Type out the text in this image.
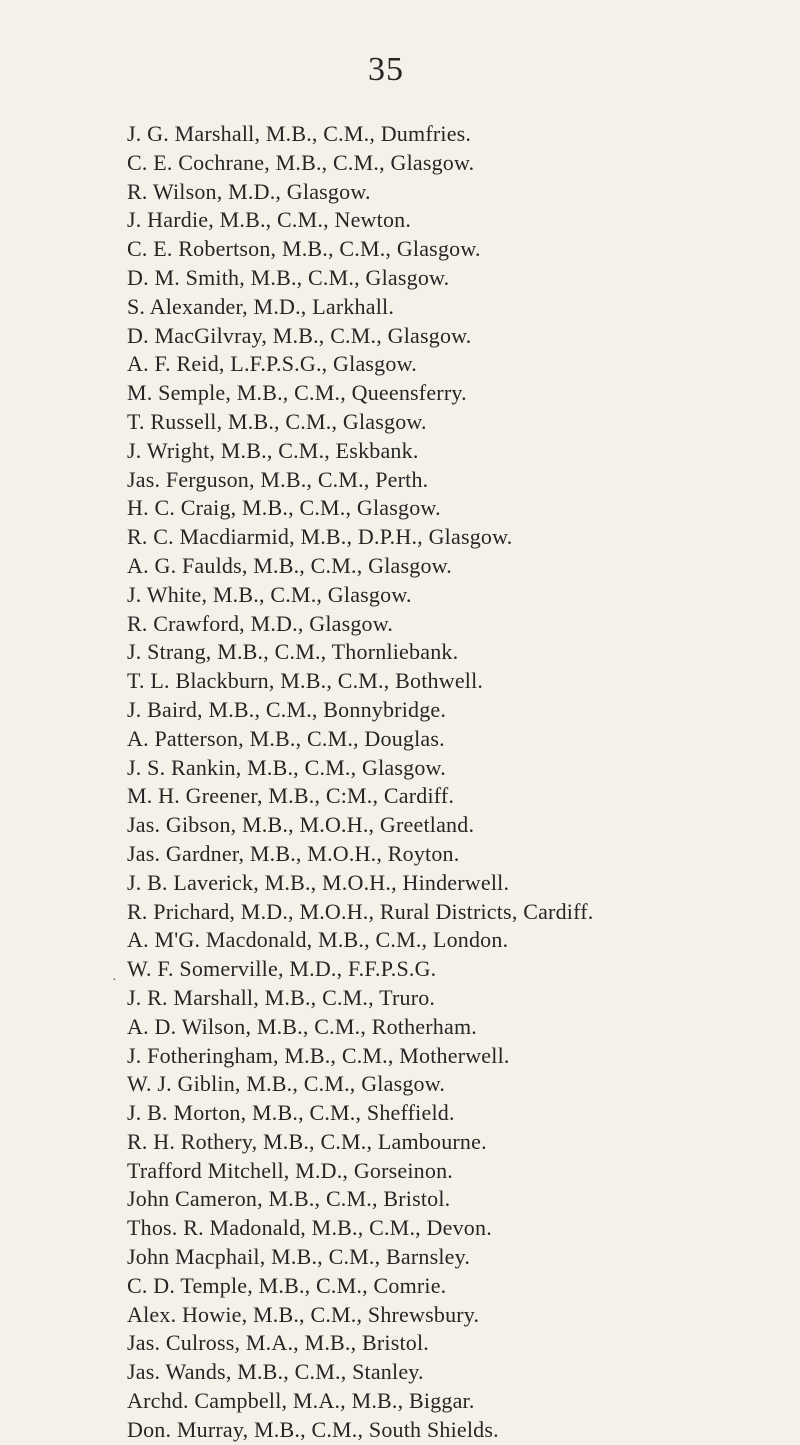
35
·
J. G. Marshall, M.B., C.M., Dumfries.
C. E. Cochrane, M.B., C.M., Glasgow.
R. Wilson, M.D., Glasgow.
J. Hardie, M.B., C.M., Newton.
C. E. Robertson, M.B., C.M., Glasgow.
D. M. Smith, M.B., C.M., Glasgow.
S. Alexander, M.D., Larkhall.
D. MacGilvray, M.B., C.M., Glasgow.
A. F. Reid, L.F.P.S.G., Glasgow.
M. Semple, M.B., C.M., Queensferry.
T. Russell, M.B., C.M., Glasgow.
J. Wright, M.B., C.M., Eskbank.
Jas. Ferguson, M.B., C.M., Perth.
H. C. Craig, M.B., C.M., Glasgow.
R. C. Macdiarmid, M.B., D.P.H., Glasgow.
A. G. Faulds, M.B., C.M., Glasgow.
J. White, M.B., C.M., Glasgow.
R. Crawford, M.D., Glasgow.
J. Strang, M.B., C.M., Thornliebank.
T. L. Blackburn, M.B., C.M., Bothwell.
J. Baird, M.B., C.M., Bonnybridge.
A. Patterson, M.B., C.M., Douglas.
J. S. Rankin, M.B., C.M., Glasgow.
M. H. Greener, M.B., C:M., Cardiff.
Jas. Gibson, M.B., M.O.H., Greetland.
Jas. Gardner, M.B., M.O.H., Royton.
J. B. Laverick, M.B., M.O.H., Hinderwell.
R. Prichard, M.D., M.O.H., Rural Districts, Cardiff.
A. M'G. Macdonald, M.B., C.M., London.
W. F. Somerville, M.D., F.F.P.S.G.
J. R. Marshall, M.B., C.M., Truro.
A. D. Wilson, M.B., C.M., Rotherham.
J. Fotheringham, M.B., C.M., Motherwell.
W. J. Giblin, M.B., C.M., Glasgow.
J. B. Morton, M.B., C.M., Sheffield.
R. H. Rothery, M.B., C.M., Lambourne.
Trafford Mitchell, M.D., Gorseinon.
John Cameron, M.B., C.M., Bristol.
Thos. R. Madonald, M.B., C.M., Devon.
John Macphail, M.B., C.M., Barnsley.
C. D. Temple, M.B., C.M., Comrie.
Alex. Howie, M.B., C.M., Shrewsbury.
Jas. Culross, M.A., M.B., Bristol.
Jas. Wands, M.B., C.M., Stanley.
Archd. Campbell, M.A., M.B., Biggar.
Don. Murray, M.B., C.M., South Shields.
